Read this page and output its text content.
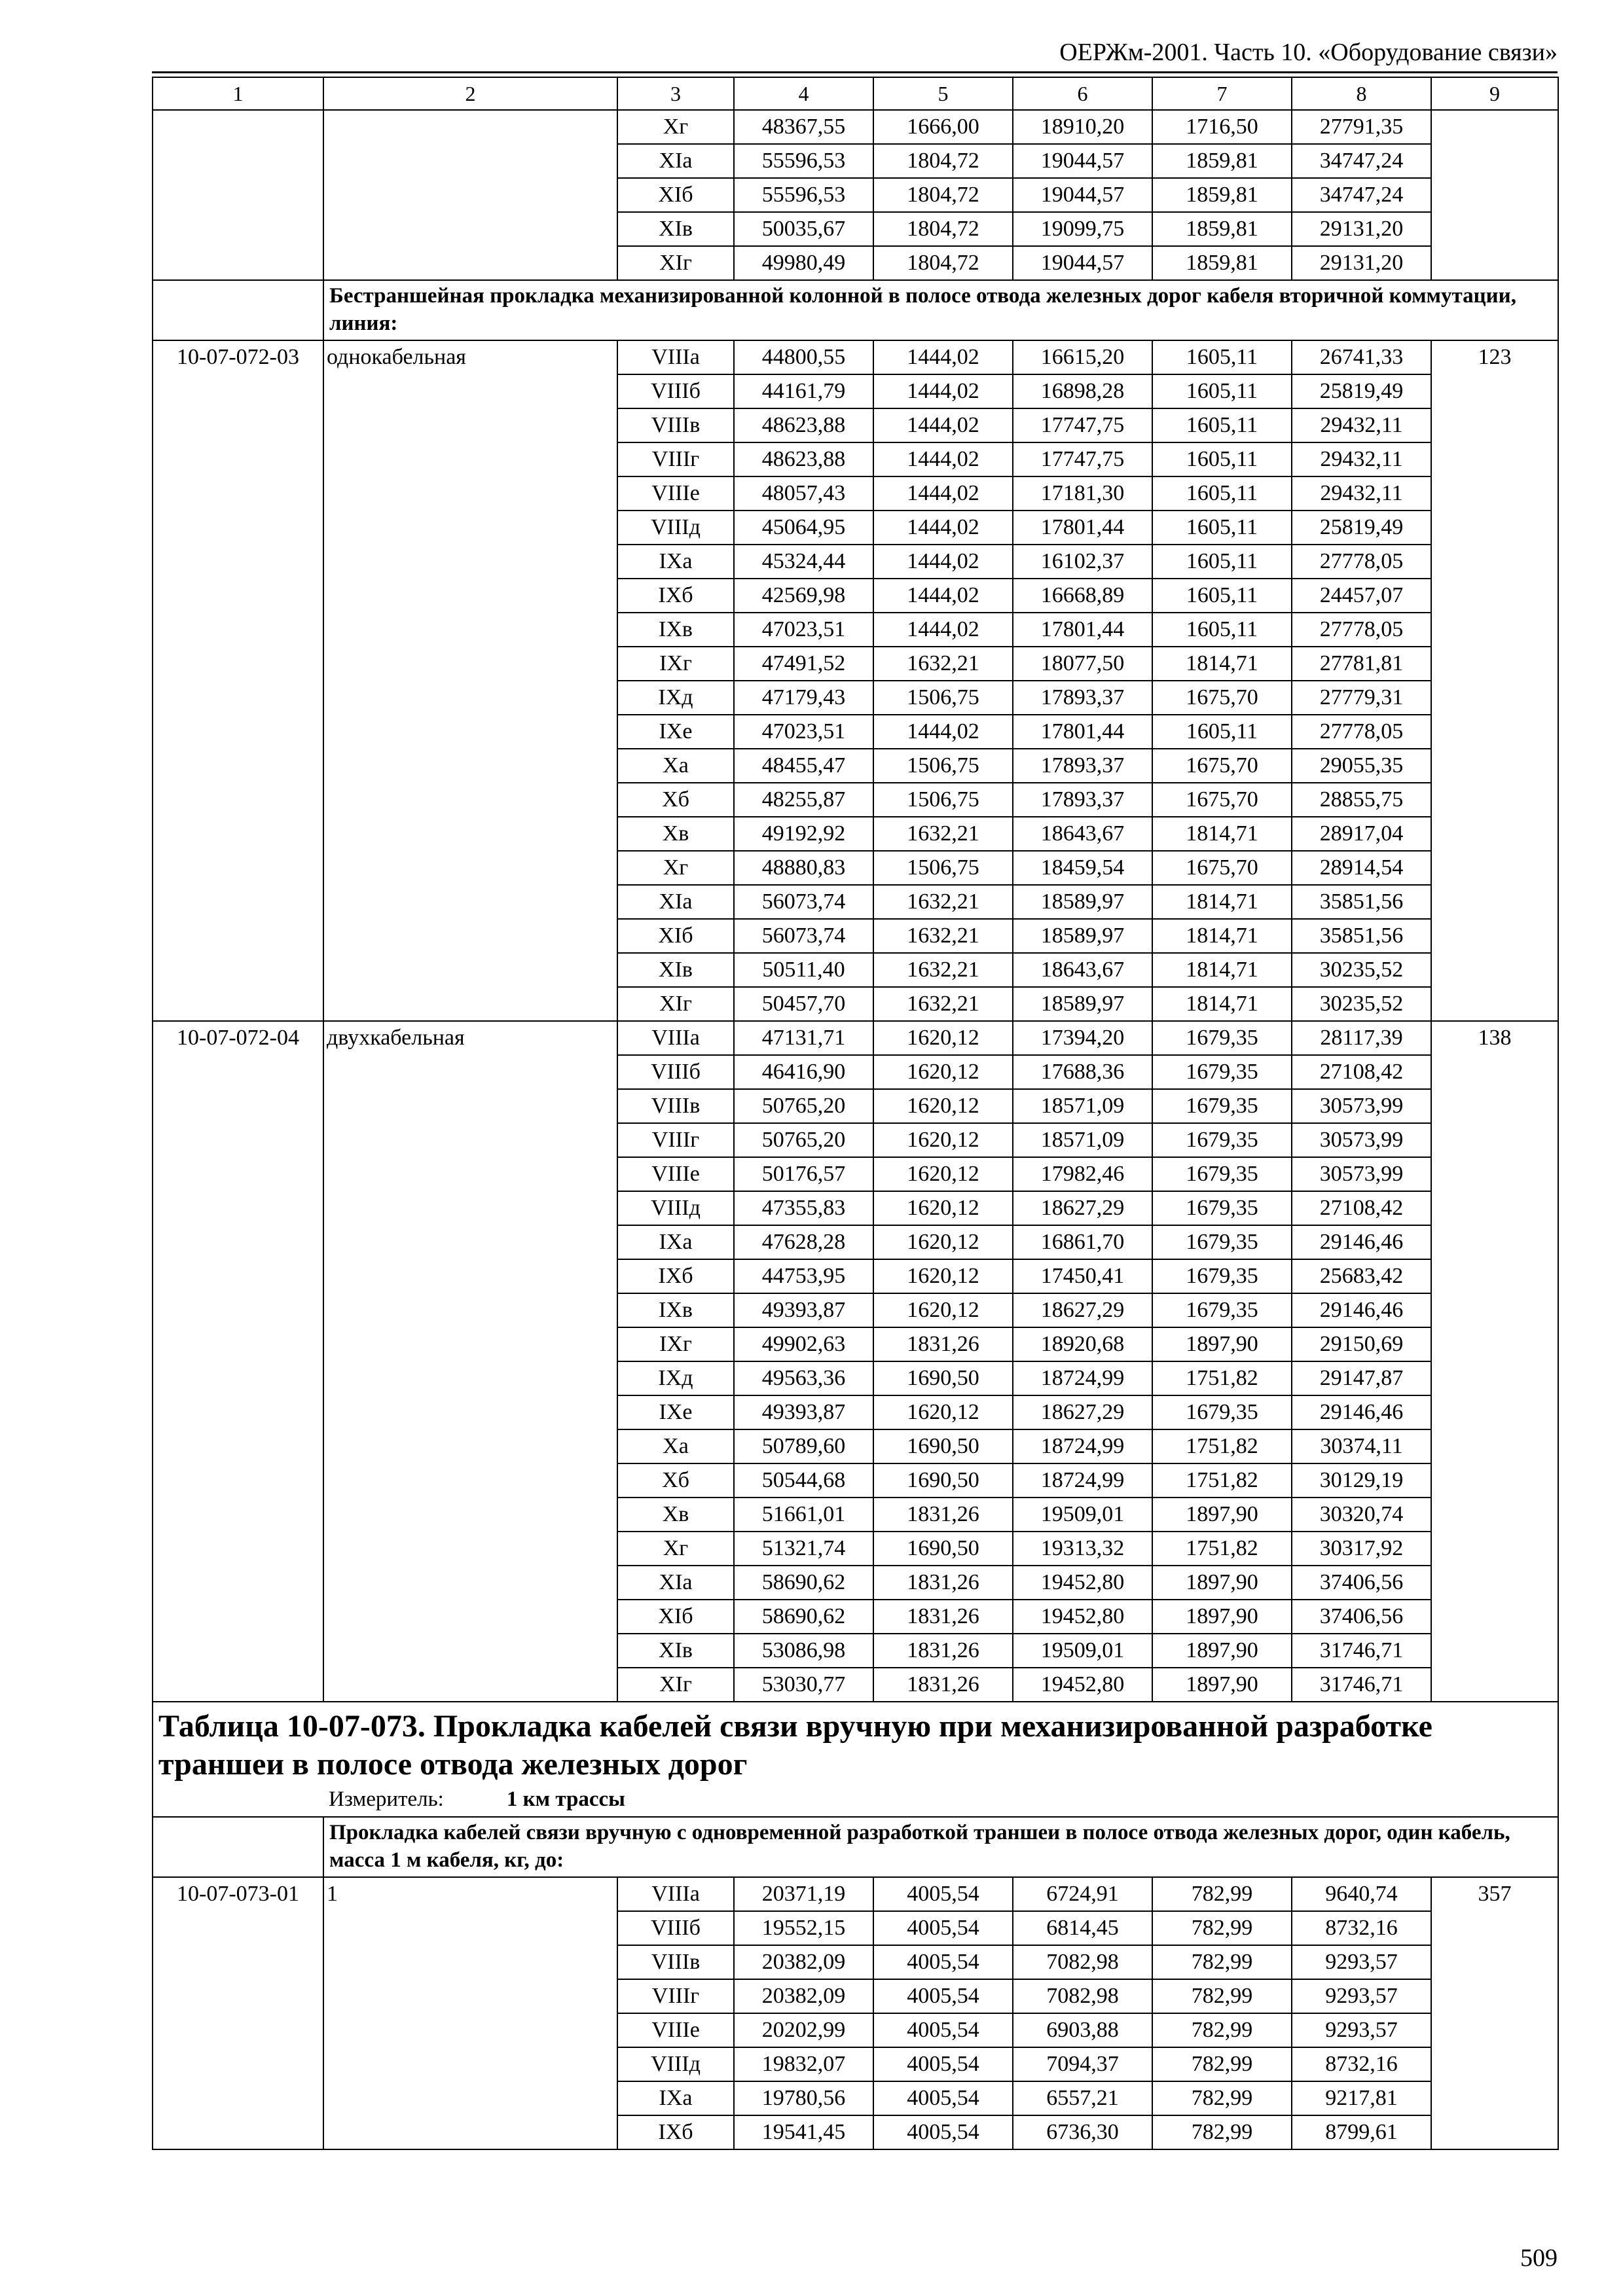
ОЕРЖм-2001. Часть 10. «Оборудование связи»
1	2	3	4	5	6	7	8	9
		Xг	48367,55	1666,00	18910,20	1716,50	27791,35	
		XIа	55596,53	1804,72	19044,57	1859,81	34747,24	
		XIб	55596,53	1804,72	19044,57	1859,81	34747,24	
		XIв	50035,67	1804,72	19099,75	1859,81	29131,20	
		XIг	49980,49	1804,72	19044,57	1859,81	29131,20	
	Бестраншейная прокладка механизированной колонной в полосе отвода железных дорог кабеля вторичной коммутации, линия:							
10-07-072-03	однокабельная	VIIIа	44800,55	1444,02	16615,20	1605,11	26741,33	123
		VIIIб	44161,79	1444,02	16898,28	1605,11	25819,49	
		VIIIв	48623,88	1444,02	17747,75	1605,11	29432,11	
		VIIIг	48623,88	1444,02	17747,75	1605,11	29432,11	
		VIIIе	48057,43	1444,02	17181,30	1605,11	29432,11	
		VIIIд	45064,95	1444,02	17801,44	1605,11	25819,49	
		IXа	45324,44	1444,02	16102,37	1605,11	27778,05	
		IXб	42569,98	1444,02	16668,89	1605,11	24457,07	
		IXв	47023,51	1444,02	17801,44	1605,11	27778,05	
		IXг	47491,52	1632,21	18077,50	1814,71	27781,81	
		IXд	47179,43	1506,75	17893,37	1675,70	27779,31	
		IXе	47023,51	1444,02	17801,44	1605,11	27778,05	
		Xа	48455,47	1506,75	17893,37	1675,70	29055,35	
		Xб	48255,87	1506,75	17893,37	1675,70	28855,75	
		Xв	49192,92	1632,21	18643,67	1814,71	28917,04	
		Xг	48880,83	1506,75	18459,54	1675,70	28914,54	
		XIа	56073,74	1632,21	18589,97	1814,71	35851,56	
		XIб	56073,74	1632,21	18589,97	1814,71	35851,56	
		XIв	50511,40	1632,21	18643,67	1814,71	30235,52	
		XIг	50457,70	1632,21	18589,97	1814,71	30235,52	
10-07-072-04	двухкабельная	VIIIа	47131,71	1620,12	17394,20	1679,35	28117,39	138
		VIIIб	46416,90	1620,12	17688,36	1679,35	27108,42	
		VIIIв	50765,20	1620,12	18571,09	1679,35	30573,99	
		VIIIг	50765,20	1620,12	18571,09	1679,35	30573,99	
		VIIIе	50176,57	1620,12	17982,46	1679,35	30573,99	
		VIIIд	47355,83	1620,12	18627,29	1679,35	27108,42	
		IXа	47628,28	1620,12	16861,70	1679,35	29146,46	
		IXб	44753,95	1620,12	17450,41	1679,35	25683,42	
		IXв	49393,87	1620,12	18627,29	1679,35	29146,46	
		IXг	49902,63	1831,26	18920,68	1897,90	29150,69	
		IXд	49563,36	1690,50	18724,99	1751,82	29147,87	
		IXе	49393,87	1620,12	18627,29	1679,35	29146,46	
		Xа	50789,60	1690,50	18724,99	1751,82	30374,11	
		Xб	50544,68	1690,50	18724,99	1751,82	30129,19	
		Xв	51661,01	1831,26	19509,01	1897,90	30320,74	
		Xг	51321,74	1690,50	19313,32	1751,82	30317,92	
		XIа	58690,62	1831,26	19452,80	1897,90	37406,56	
		XIб	58690,62	1831,26	19452,80	1897,90	37406,56	
		XIв	53086,98	1831,26	19509,01	1897,90	31746,71	
		XIг	53030,77	1831,26	19452,80	1897,90	31746,71	

Таблица 10-07-073. Прокладка кабелей связи вручную при механизированной разработке траншеи в полосе отвода железных дорог
Измеритель: 1 км трассы								

	Прокладка кабелей связи вручную с одновременной разработкой траншеи в полосе отвода железных дорог, один кабель, масса 1 м кабеля, кг, до:							
10-07-073-01	1	VIIIа	20371,19	4005,54	6724,91	782,99	9640,74	357
		VIIIб	19552,15	4005,54	6814,45	782,99	8732,16	
		VIIIв	20382,09	4005,54	7082,98	782,99	9293,57	
		VIIIг	20382,09	4005,54	7082,98	782,99	9293,57	
		VIIIе	20202,99	4005,54	6903,88	782,99	9293,57	
		VIIIд	19832,07	4005,54	7094,37	782,99	8732,16	
		IXа	19780,56	4005,54	6557,21	782,99	9217,81	
		IXб	19541,45	4005,54	6736,30	782,99	8799,61	
509
